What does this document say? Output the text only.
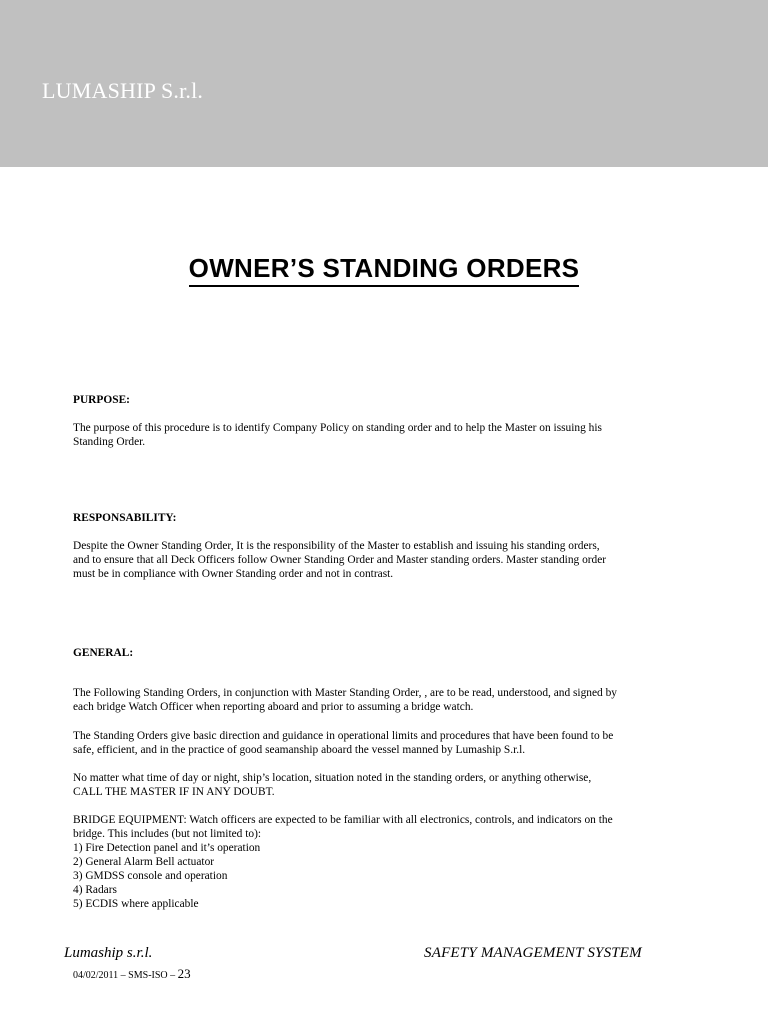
LUMASHIP S.r.l.
OWNER’S STANDING ORDERS
PURPOSE:
The purpose of this procedure is to identify Company Policy on standing order and to help the Master on issuing his
Standing Order.
RESPONSABILITY:
Despite the Owner Standing Order, It is the responsibility of the Master to establish and issuing his standing orders,
and to ensure that all Deck Officers follow Owner Standing Order and Master standing orders. Master standing order
must be in compliance with Owner Standing order and not in contrast.
GENERAL:
The Following Standing Orders, in conjunction with Master Standing Order, , are to be read, understood, and signed by
each bridge Watch Officer when reporting aboard and prior to assuming a bridge watch.
The Standing Orders give basic direction and guidance in operational limits and procedures that have been found to be
safe, efficient, and in the practice of good seamanship aboard the vessel manned by Lumaship S.r.l.
No matter what time of day or night, ship’s location, situation noted in the standing orders, or anything otherwise,
CALL THE MASTER IF IN ANY DOUBT.
BRIDGE EQUIPMENT: Watch officers are expected to be familiar with all electronics, controls, and indicators on the
bridge. This includes (but not limited to):
1) Fire Detection panel and it’s operation
2) General Alarm Bell actuator
3) GMDSS console and operation
4) Radars
5) ECDIS where applicable
Lumaship s.r.l.	SAFETY MANAGEMENT SYSTEM
04/02/2011 – SMS-ISO – 23
